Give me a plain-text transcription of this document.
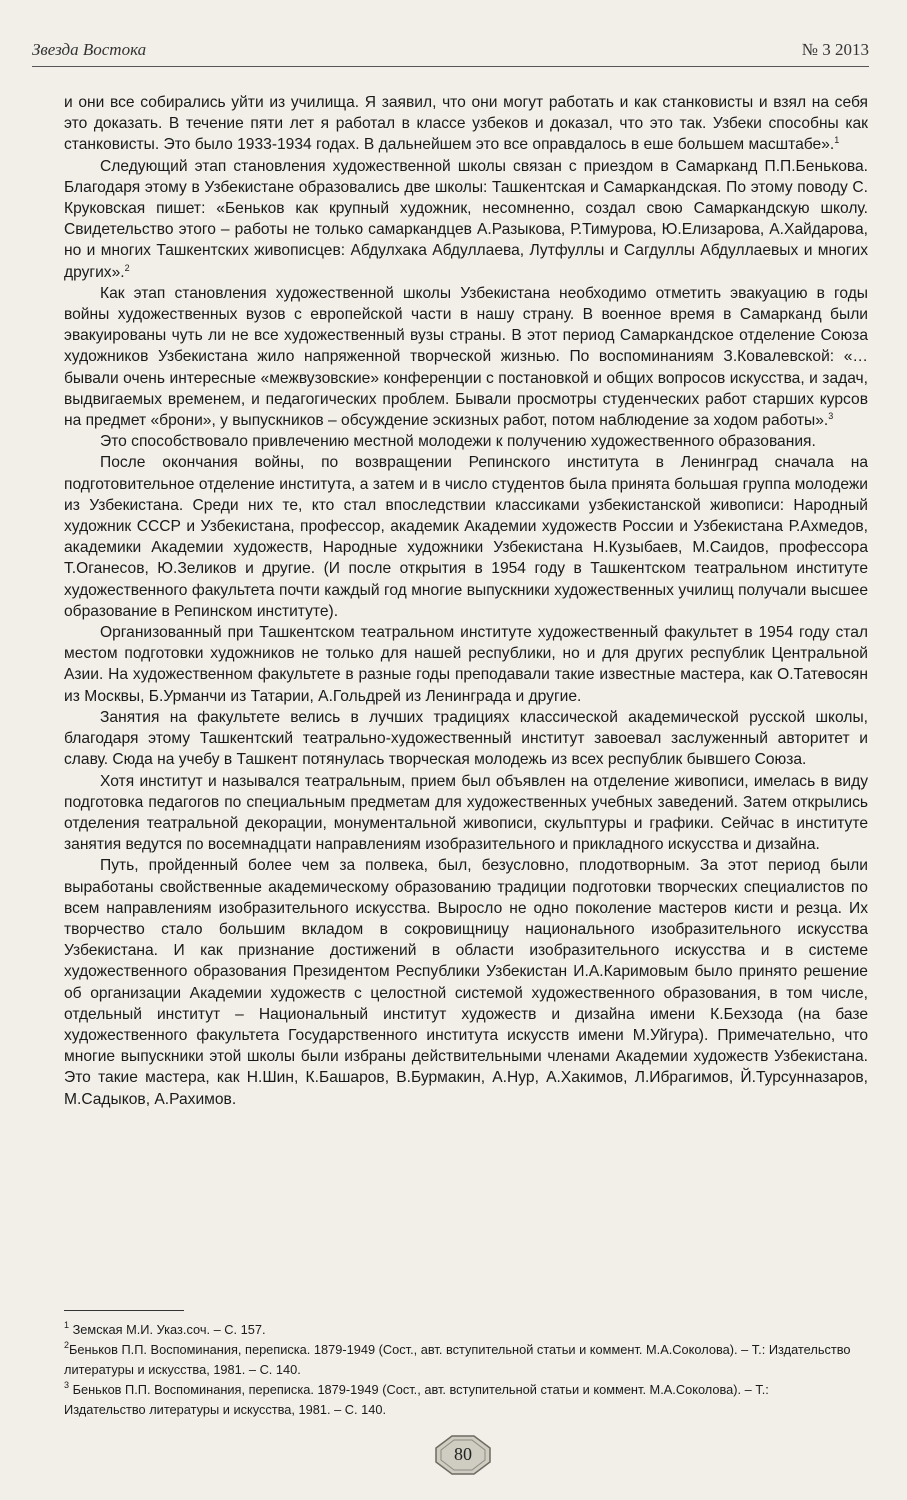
Звезда Востока	№ 3 2013

и они все собирались уйти из училища. Я заявил, что они могут работать и как станковисты и взял на себя это доказать. В течение пяти лет я работал в классе узбеков и доказал, что это так. Узбеки способны как станковисты. Это было 1933-1934 годах. В дальнейшем это все оправдалось в еше большем масштабе».$^1$

Следующий этап становления художественной школы связан с приездом в Самарканд П.П.Бенькова. Благодаря этому в Узбекистане образовались две школы: Ташкентская и Самаркандская. По этому поводу С. Круковская пишет: «Беньков как крупный художник, несомненно, создал свою Самаркандскую школу. Свидетельство этого – работы не только самаркандцев А.Разыкова, Р.Тимурова, Ю.Елизарова, А.Хайдарова, но и многих Ташкентских живописцев: Абдулхака Абдуллаева, Лутфуллы и Сагдуллы Абдуллаевых и многих других».$^2$

Как этап становления художественной школы Узбекистана необходимо отметить эвакуацию в годы войны художественных вузов с европейской части в нашу страну. В военное время в Самарканд были эвакуированы чуть ли не все художественный вузы страны. В этот период Самаркандское отделение Союза художников Узбекистана жило напряженной творческой жизнью. По воспоминаниям З.Ковалевской: «… бывали очень интересные «межвузовские» конференции с постановкой и общих вопросов искусства, и задач, выдвигаемых временем, и педагогических проблем. Бывали просмотры студенческих работ старших курсов на предмет «брони», у выпускников – обсуждение эскизных работ, потом наблюдение за ходом работы».$^3$

Это способствовало привлечению местной молодежи к получению художественного образования.

После окончания войны, по возвращении Репинского института в Ленинград сначала на подготовительное отделение института, а затем и в число студентов была принята большая группа молодежи из Узбекистана. Среди них те, кто стал впоследствии классиками узбекистанской живописи: Народный художник СССР и Узбекистана, профессор, академик Академии художеств России и Узбекистана Р.Ахмедов, академики Академии художеств, Народные художники Узбекистана Н.Кузыбаев, М.Саидов, профессора Т.Оганесов, Ю.Зеликов и другие. (И после открытия в 1954 году в Ташкентском театральном институте художественного факультета почти каждый год многие выпускники художественных училищ получали высшее образование в Репинском институте).

Организованный при Ташкентском театральном институте художественный факультет в 1954 году стал местом подготовки художников не только для нашей республики, но и для других республик Центральной Азии. На художественном факультете в разные годы преподавали такие известные мастера, как О.Татевосян из Москвы, Б.Урманчи из Татарии, А.Гольдрей из Ленинграда и другие.

Занятия на факультете велись в лучших традициях классической академической русской школы, благодаря этому Ташкентский театрально-художественный институт завоевал заслуженный авторитет и славу. Сюда на учебу в Ташкент потянулась творческая молодежь из всех республик бывшего Союза.

Хотя институт и назывался театральным, прием был объявлен на отделение живописи, имелась в виду подготовка педагогов по специальным предметам для художественных учебных заведений. Затем открылись отделения театральной декорации, монументальной живописи, скульптуры и графики. Сейчас в институте занятия ведутся по восемнадцати направлениям изобразительного и прикладного искусства и дизайна.

Путь, пройденный более чем за полвека, был, безусловно, плодотворным. За этот период были выработаны свойственные академическому образованию традиции подготовки творческих специалистов по всем направлениям изобразительного искусства. Выросло не одно поколение мастеров кисти и резца. Их творчество стало большим вкладом в сокровищницу национального изобразительного искусства Узбекистана. И как признание достижений в области изобразительного искусства и в системе художественного образования Президентом Республики Узбекистан И.А.Каримовым было принято решение об организации Академии художеств с целостной системой художественного образования, в том числе, отдельный институт – Национальный институт художеств и дизайна имени К.Бехзода (на базе художественного факультета Государственного института искусств имени М.Уйгура). Примечательно, что многие выпускники этой школы были избраны действительными членами Академии художеств Узбекистана. Это такие мастера, как Н.Шин, К.Башаров, В.Бурмакин, А.Нур, А.Хакимов, Л.Ибрагимов, Й.Турсунназаров, М.Садыков, А.Рахимов.

$^1$ Земская М.И. Указ.соч. – С. 157.

$^2$Беньков П.П. Воспоминания, переписка. 1879-1949 (Сост., авт. вступительной статьи и коммент. М.А.Соколова). – Т.: Издательство литературы и искусства, 1981. – С. 140.

$^3$ Беньков П.П. Воспоминания, переписка. 1879-1949 (Сост., авт. вступительной статьи и коммент. М.А.Соколова). – Т.: Издательство литературы и искусства, 1981. – С. 140.

80
